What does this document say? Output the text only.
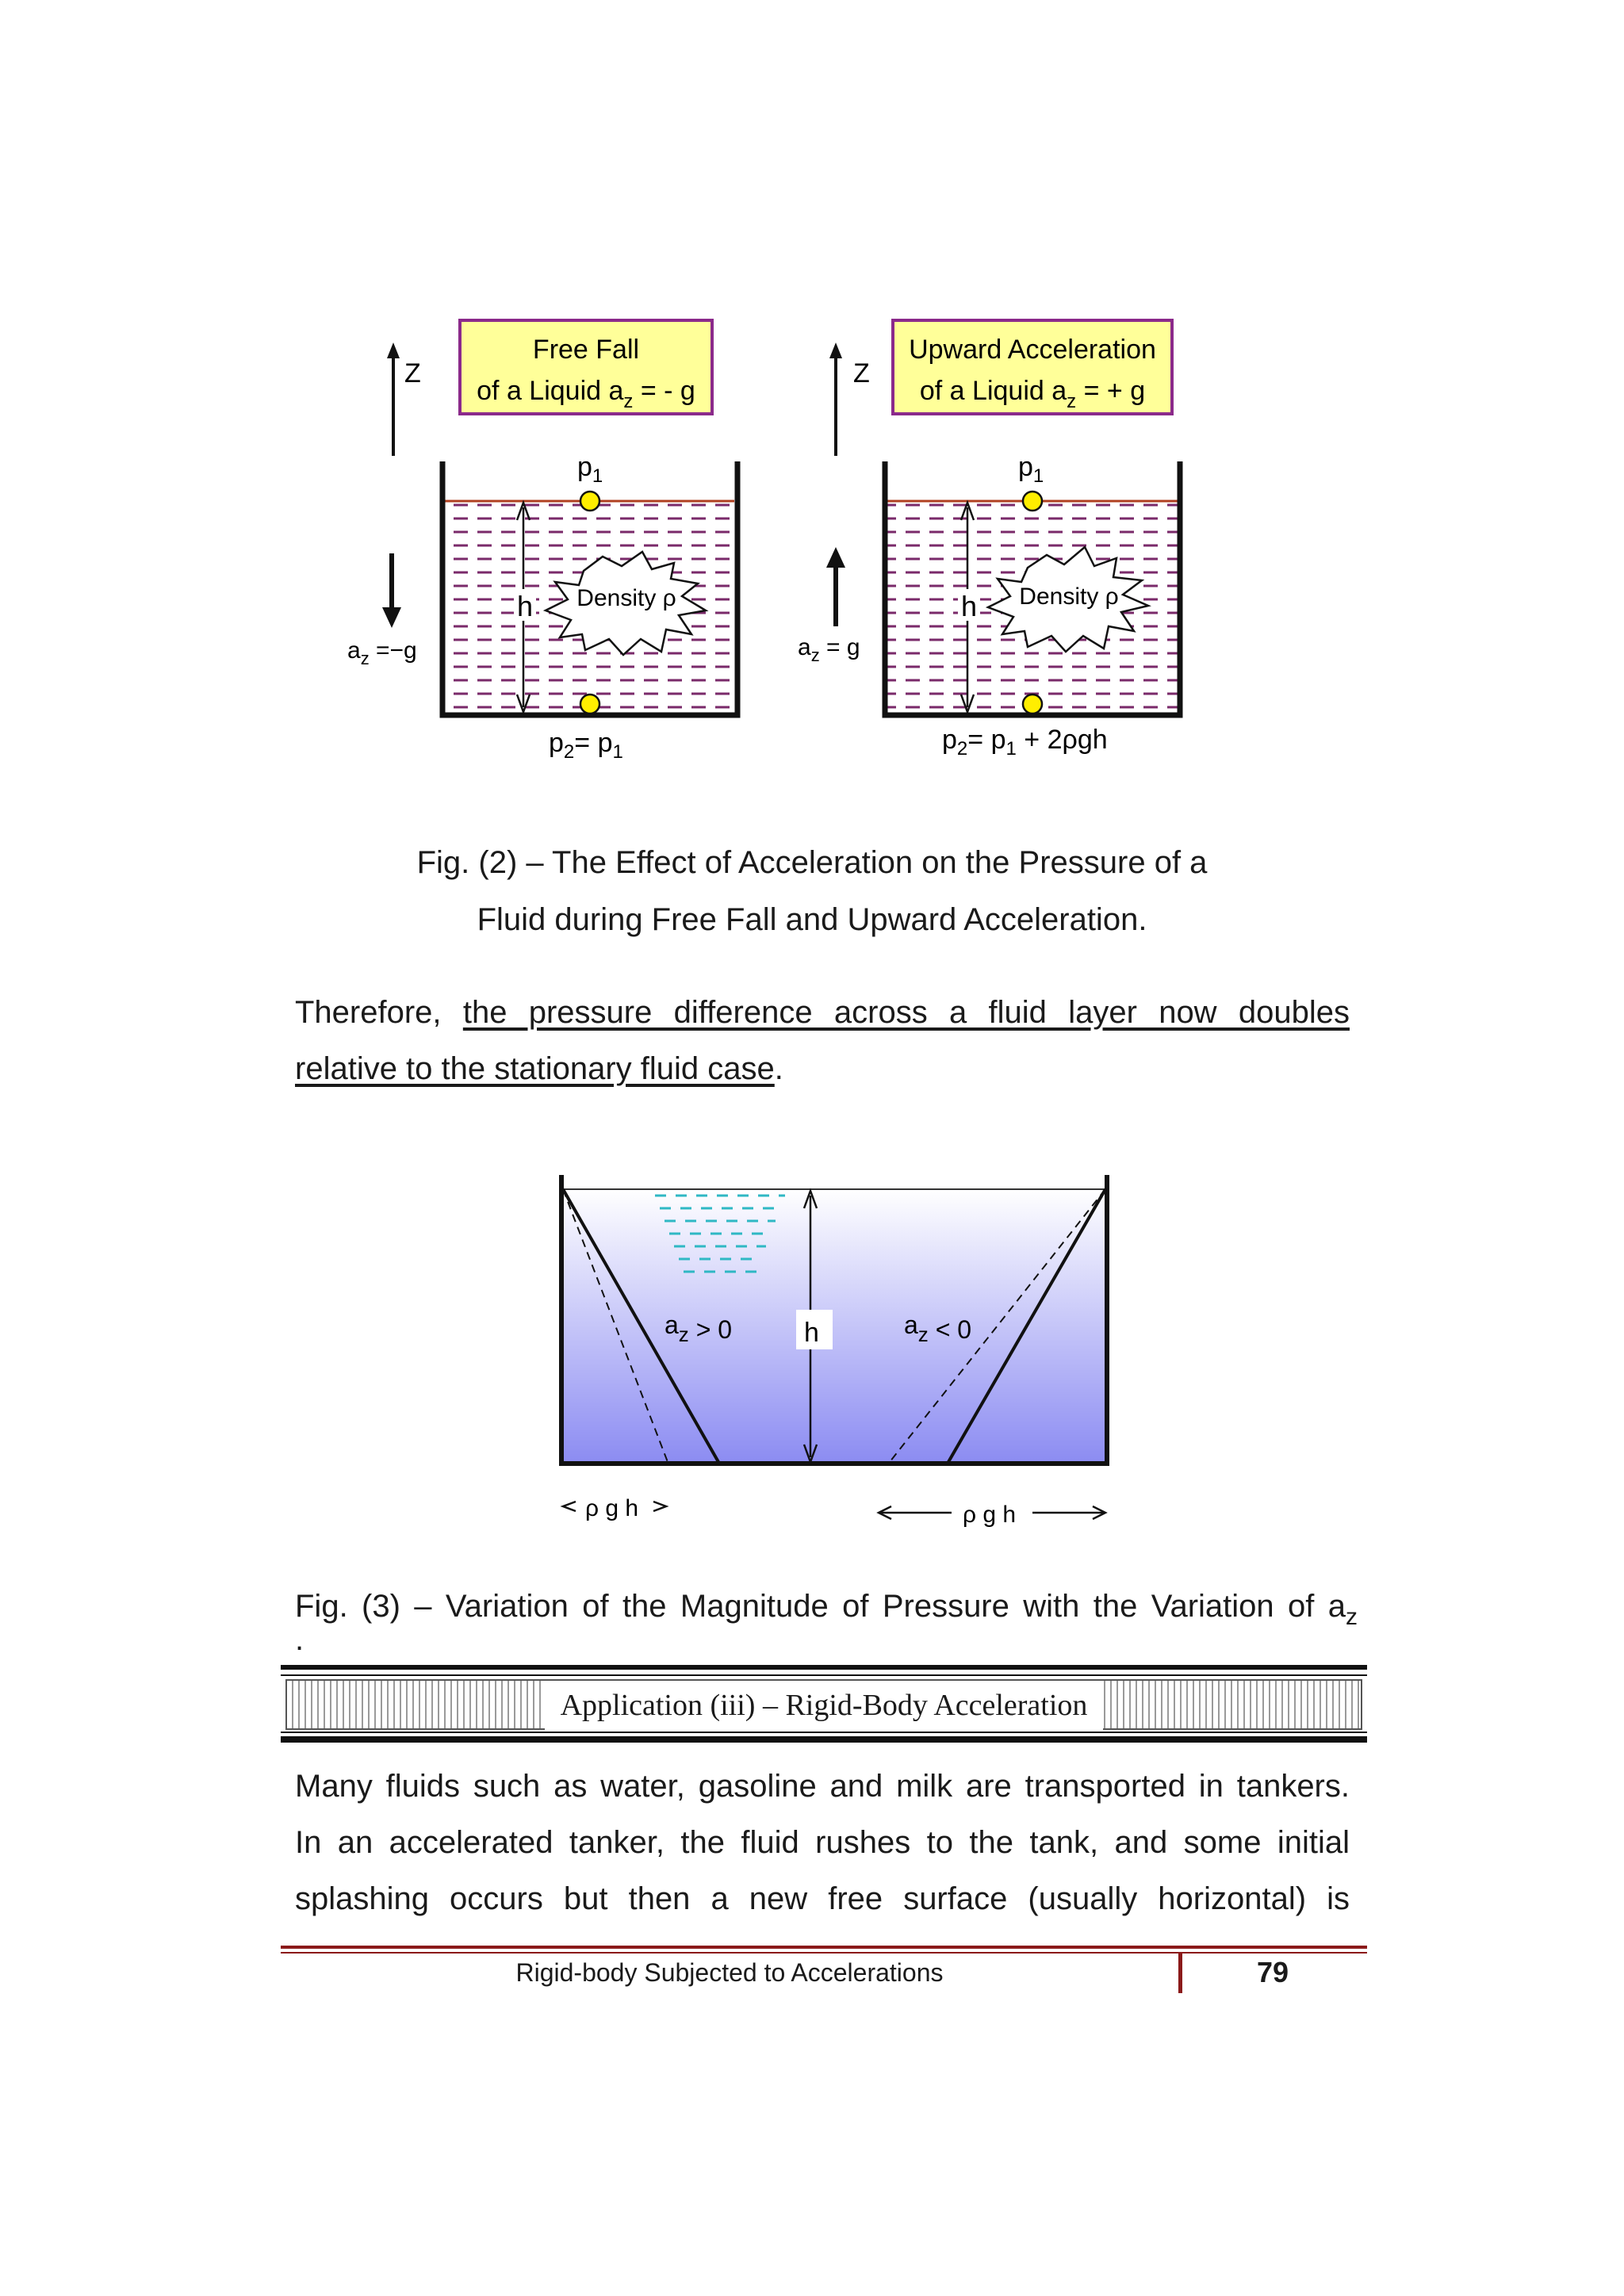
Z
Free Fall
of a Liquid $a_z$ = - g
h Density ρ
$p_1$
$p_2= p_1$
$a_z =-g$
Z
Upward Acceleration
of a Liquid $a_z$ = + g
h Density ρ
$p_1$
$p_2= p_1 + 2\rho gh$
$a_z = g$
Fig. (2) – The Effect of Acceleration on the Pressure of a
Fluid during Free Fall and Upward Acceleration.
Therefore, the pressure difference across a fluid layer now doubles
relative to the stationary fluid case.
h
$a_z > 0$	$a_z < 0$
ρ g h	ρ g h
Fig. (3) – Variation of the Magnitude of Pressure with the Variation of $a_z$
.
Application (iii) – Rigid-Body Acceleration
Many fluids such as water, gasoline and milk are transported in tankers.
In an accelerated tanker, the fluid rushes to the tank, and some initial
splashing occurs but then a new free surface (usually horizontal) is
Rigid-body Subjected to Accelerations	79
